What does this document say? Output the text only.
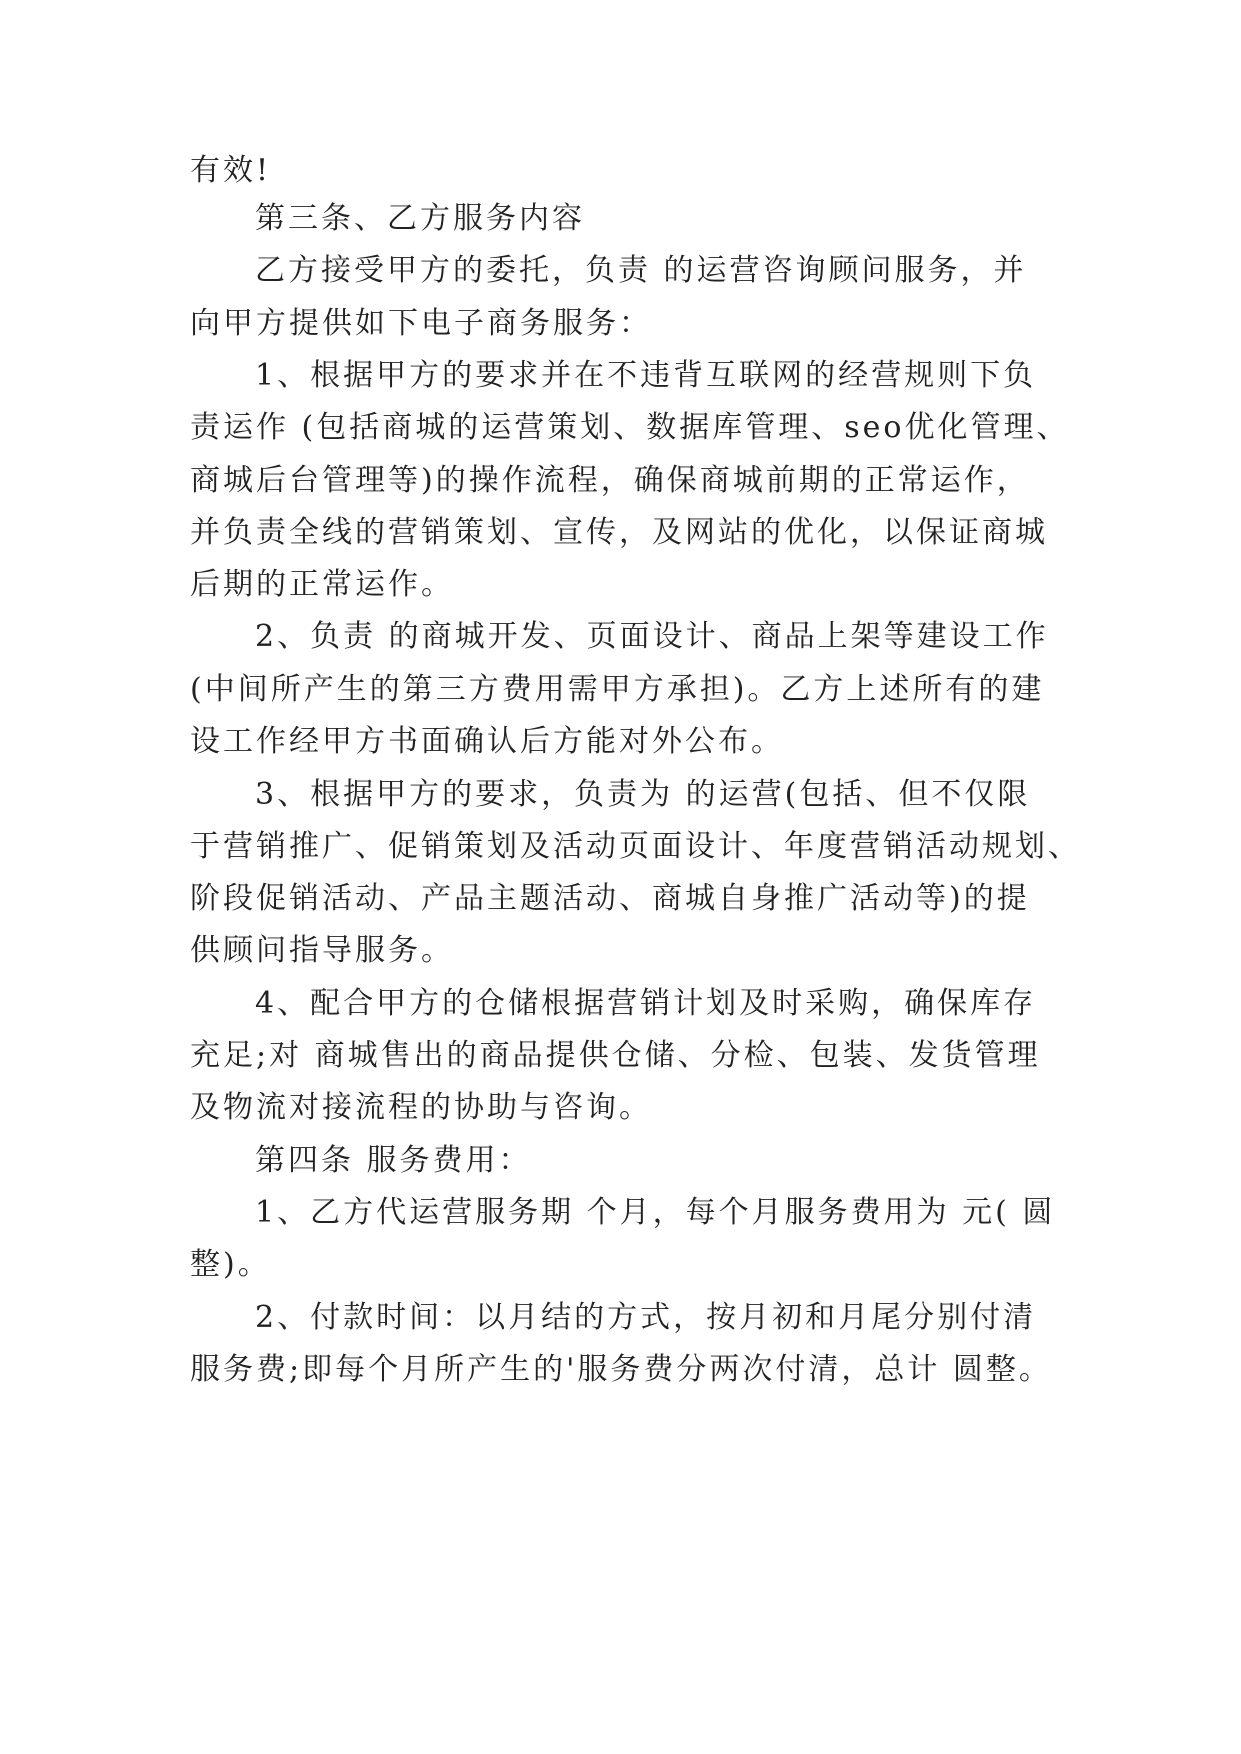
有效!
第三条、乙方服务内容
乙方接受甲方的委托，负责 的运营咨询顾问服务，并
向甲方提供如下电子商务服务：
1、根据甲方的要求并在不违背互联网的经营规则下负
责运作 (包括商城的运营策划、数据库管理、seo优化管理、
商城后台管理等)的操作流程，确保商城前期的正常运作，
并负责全线的营销策划、宣传，及网站的优化，以保证商城
后期的正常运作。
2、负责 的商城开发、页面设计、商品上架等建设工作
(中间所产生的第三方费用需甲方承担)。乙方上述所有的建
设工作经甲方书面确认后方能对外公布。
3、根据甲方的要求，负责为 的运营(包括、但不仅限
于营销推广、促销策划及活动页面设计、年度营销活动规划、
阶段促销活动、产品主题活动、商城自身推广活动等)的提
供顾问指导服务。
4、配合甲方的仓储根据营销计划及时采购，确保库存
充足;对 商城售出的商品提供仓储、分检、包装、发货管理
及物流对接流程的协助与咨询。
第四条 服务费用：
1、乙方代运营服务期 个月，每个月服务费用为 元( 圆
整)。
2、付款时间：以月结的方式，按月初和月尾分别付清
服务费;即每个月所产生的'服务费分两次付清，总计 圆整。
